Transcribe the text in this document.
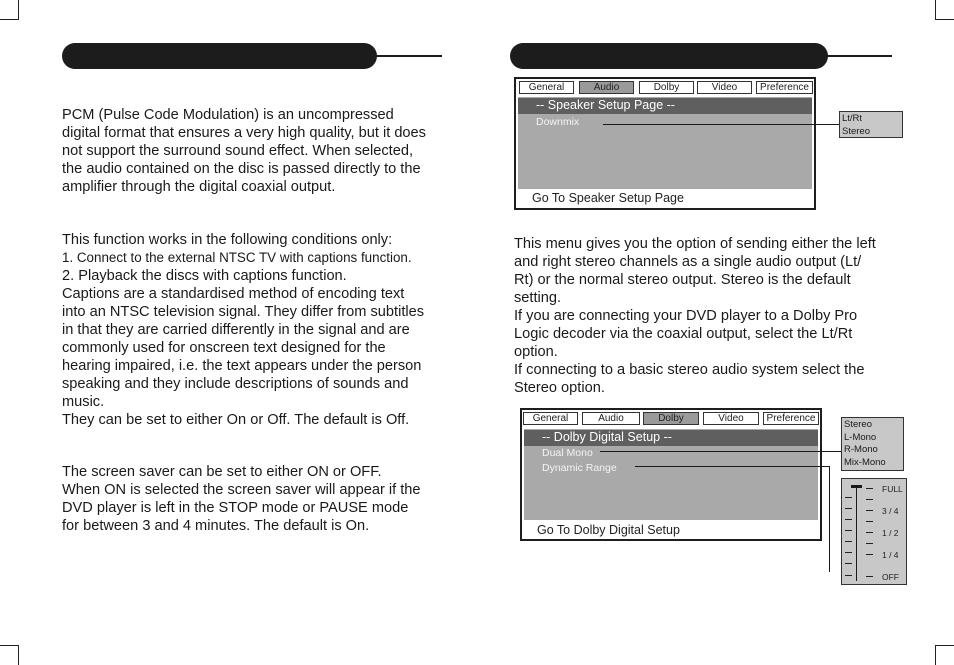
PCM (Pulse Code Modulation) is an uncompressed
digital format that ensures a very high quality, but it does
not support the surround sound effect. When selected,
the audio contained on the disc is passed directly to the
amplifier through the digital coaxial output.

This function works in the following conditions only:
1. Connect to the external NTSC TV with captions function.
2. Playback the discs with captions function.
Captions are a standardised method of encoding text
into an NTSC television signal. They differ from subtitles
in that they are carried differently in the signal and are
commonly used for onscreen text designed for the
hearing impaired, i.e. the text appears under the person
speaking and they include descriptions of sounds and
music.
They can be set to either On or Off. The default is Off.

The screen saver can be set to either ON or OFF.
When ON is selected the screen saver will appear if the
DVD player is left in the STOP mode or PAUSE mode
for between 3 and 4 minutes. The default is On.

General	Audio	Dolby	Video	Preference
-- Speaker Setup Page --
Downmix
Go To Speaker Setup Page
Lt/Rt
Stereo

This menu gives you the option of sending either the left
and right stereo channels as a single audio output (Lt/
Rt) or the normal stereo output. Stereo is the default
setting.
If you are connecting your DVD player to a Dolby Pro
Logic decoder via the coaxial output, select the Lt/Rt
option.
If connecting to a basic stereo audio system select the
Stereo option.

General	Audio	Dolby	Video	Preference
-- Dolby Digital Setup --
Dual Mono
Dynamic Range
Go To Dolby Digital Setup
Stereo
L-Mono
R-Mono
Mix-Mono
FULL
3 / 4
1 / 2
1 / 4
OFF
